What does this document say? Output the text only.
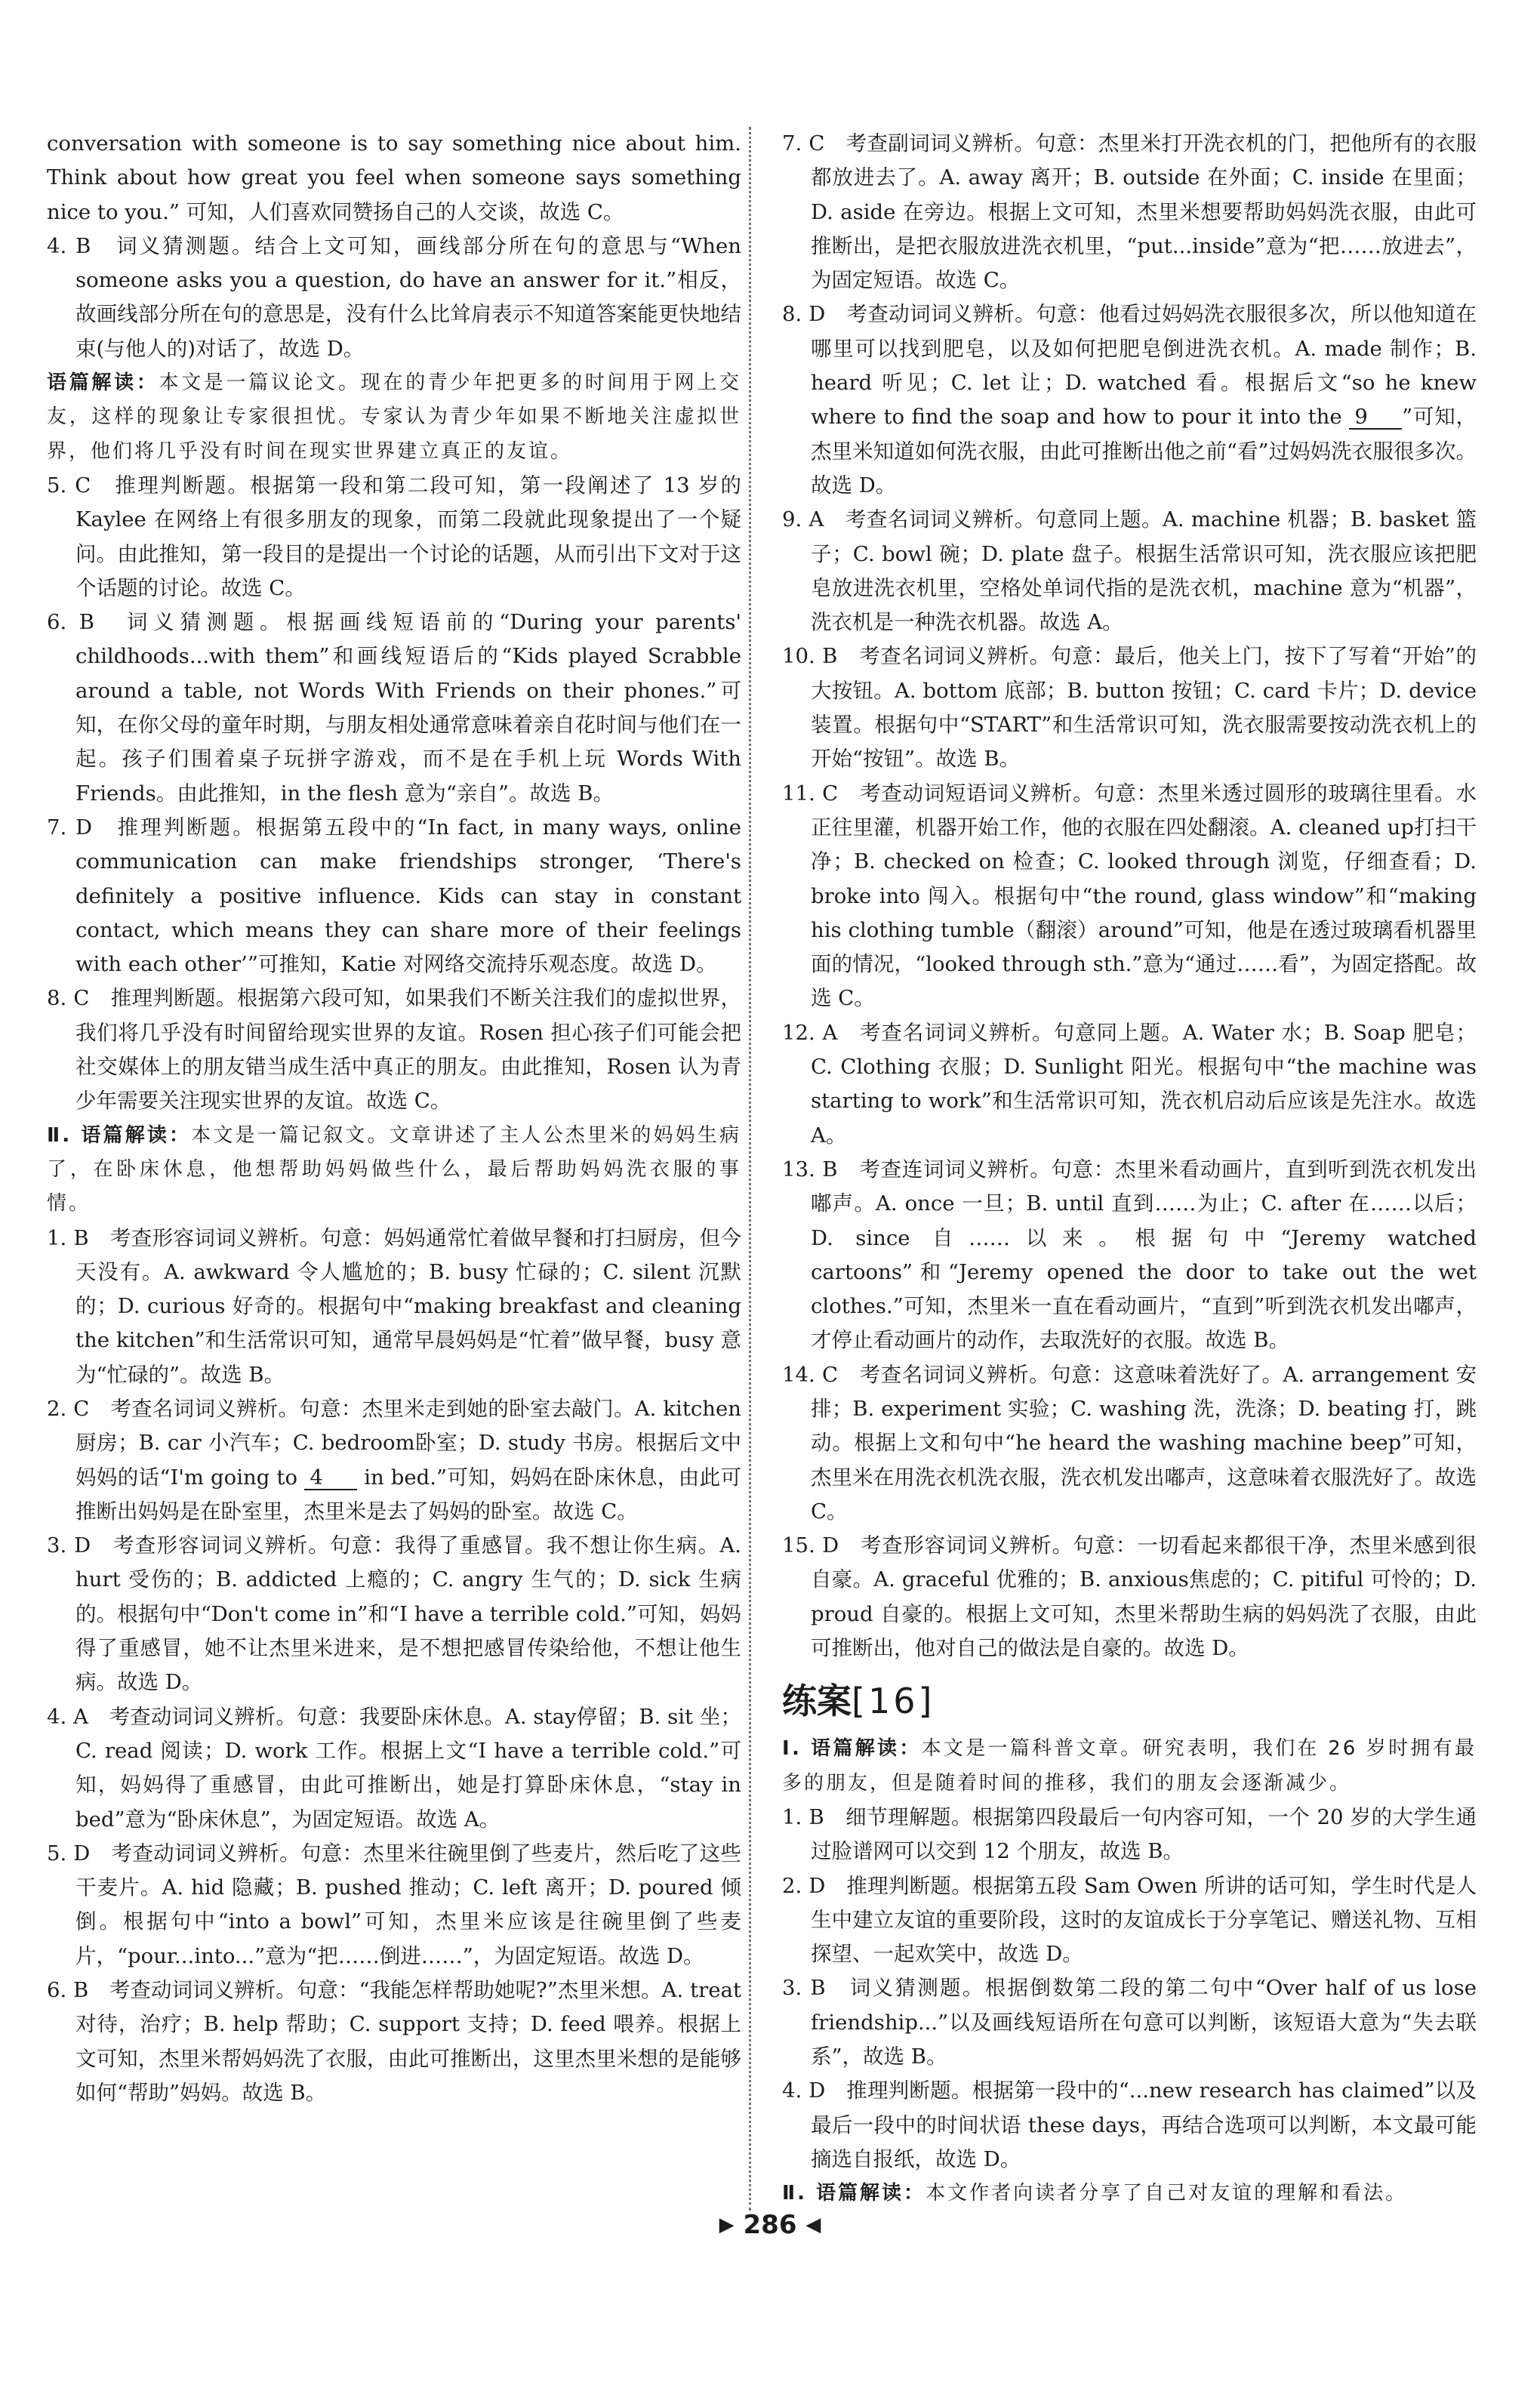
conversation with someone is to say something nice about him. Think about how great you feel when someone says something nice to you.” 可知，人们喜欢同赞扬自己的人交谈，故选 C。

4. B　词义猜测题。结合上文可知，画线部分所在句的意思与“When someone asks you a question, do have an answer for it.”相反，故画线部分所在句的意思是，没有什么比耸肩表示不知道答案能更快地结束(与他人的)对话了，故选 D。

语篇解读：本文是一篇议论文。现在的青少年把更多的时间用于网上交友，这样的现象让专家很担忧。专家认为青少年如果不断地关注虚拟世界，他们将几乎没有时间在现实世界建立真正的友谊。

5. C　推理判断题。根据第一段和第二段可知，第一段阐述了 13 岁的 Kaylee 在网络上有很多朋友的现象，而第二段就此现象提出了一个疑问。由此推知，第一段目的是提出一个讨论的话题，从而引出下文对于这个话题的讨论。故选 C。

6. B　词义猜测题。根据画线短语前的“During your parents' childhoods...with them”和画线短语后的“Kids played Scrabble around a table, not Words With Friends on their phones.”可知，在你父母的童年时期，与朋友相处通常意味着亲自花时间与他们在一起。孩子们围着桌子玩拼字游戏，而不是在手机上玩 Words With Friends。由此推知，in the flesh 意为“亲自”。故选 B。

7. D　推理判断题。根据第五段中的“In fact, in many ways, online communication can make friendships stronger, ‘There's definitely a positive influence. Kids can stay in constant contact, which means they can share more of their feelings with each other’”可推知，Katie 对网络交流持乐观态度。故选 D。

8. C　推理判断题。根据第六段可知，如果我们不断关注我们的虚拟世界，我们将几乎没有时间留给现实世界的友谊。Rosen 担心孩子们可能会把社交媒体上的朋友错当成生活中真正的朋友。由此推知，Rosen 认为青少年需要关注现实世界的友谊。故选 C。

Ⅱ. 语篇解读：本文是一篇记叙文。文章讲述了主人公杰里米的妈妈生病了，在卧床休息，他想帮助妈妈做些什么，最后帮助妈妈洗衣服的事情。

1. B　考查形容词词义辨析。句意：妈妈通常忙着做早餐和打扫厨房，但今天没有。A. awkward 令人尴尬的；B. busy 忙碌的；C. silent 沉默的；D. curious 好奇的。根据句中“making breakfast and cleaning the kitchen”和生活常识可知，通常早晨妈妈是“忙着”做早餐，busy 意为“忙碌的”。故选 B。

2. C　考查名词词义辨析。句意：杰里米走到她的卧室去敲门。A. kitchen厨房；B. car 小汽车；C. bedroom卧室；D. study 书房。根据后文中妈妈的话“I'm going to 4 in bed.”可知，妈妈在卧床休息，由此可推断出妈妈是在卧室里，杰里米是去了妈妈的卧室。故选 C。

3. D　考查形容词词义辨析。句意：我得了重感冒。我不想让你生病。A. hurt 受伤的；B. addicted 上瘾的；C. angry 生气的；D. sick 生病的。根据句中“Don't come in”和“I have a terrible cold.”可知，妈妈得了重感冒，她不让杰里米进来，是不想把感冒传染给他，不想让他生病。故选 D。

4. A　考查动词词义辨析。句意：我要卧床休息。A. stay停留；B. sit 坐；C. read 阅读；D. work 工作。根据上文“I have a terrible cold.”可知，妈妈得了重感冒，由此可推断出，她是打算卧床休息，“stay in bed”意为“卧床休息”，为固定短语。故选 A。

5. D　考查动词词义辨析。句意：杰里米往碗里倒了些麦片，然后吃了这些干麦片。A. hid 隐藏；B. pushed 推动；C. left 离开；D. poured 倾倒。根据句中“into a bowl”可知，杰里米应该是往碗里倒了些麦片，“pour...into...”意为“把……倒进……”，为固定短语。故选 D。

6. B　考查动词词义辨析。句意：“我能怎样帮助她呢?”杰里米想。A. treat 对待，治疗；B. help 帮助；C. support 支持；D. feed 喂养。根据上文可知，杰里米帮妈妈洗了衣服，由此可推断出，这里杰里米想的是能够如何“帮助”妈妈。故选 B。

7. C　考查副词词义辨析。句意：杰里米打开洗衣机的门，把他所有的衣服都放进去了。A. away 离开；B. outside 在外面；C. inside 在里面；D. aside 在旁边。根据上文可知，杰里米想要帮助妈妈洗衣服，由此可推断出，是把衣服放进洗衣机里，“put...inside”意为“把……放进去”，为固定短语。故选 C。

8. D　考查动词词义辨析。句意：他看过妈妈洗衣服很多次，所以他知道在哪里可以找到肥皂，以及如何把肥皂倒进洗衣机。A. made 制作；B. heard 听见；C. let 让；D. watched 看。根据后文“so he knew where to find the soap and how to pour it into the 9 ”可知，杰里米知道如何洗衣服，由此可推断出他之前“看”过妈妈洗衣服很多次。故选 D。

9. A　考查名词词义辨析。句意同上题。A. machine 机器；B. basket 篮子；C. bowl 碗；D. plate 盘子。根据生活常识可知，洗衣服应该把肥皂放进洗衣机里，空格处单词代指的是洗衣机，machine 意为“机器”，洗衣机是一种洗衣机器。故选 A。

10. B　考查名词词义辨析。句意：最后，他关上门，按下了写着“开始”的大按钮。A. bottom 底部；B. button 按钮；C. card 卡片；D. device 装置。根据句中“START”和生活常识可知，洗衣服需要按动洗衣机上的开始“按钮”。故选 B。

11. C　考查动词短语词义辨析。句意：杰里米透过圆形的玻璃往里看。水正往里灌，机器开始工作，他的衣服在四处翻滚。A. cleaned up打扫干净；B. checked on 检查；C. looked through 浏览，仔细查看；D. broke into 闯入。根据句中“the round, glass window”和“making his clothing tumble（翻滚）around”可知，他是在透过玻璃看机器里面的情况，“looked through sth.”意为“通过……看”，为固定搭配。故选 C。

12. A　考查名词词义辨析。句意同上题。A. Water 水；B. Soap 肥皂；C. Clothing 衣服；D. Sunlight 阳光。根据句中“the machine was starting to work”和生活常识可知，洗衣机启动后应该是先注水。故选 A。

13. B　考查连词词义辨析。句意：杰里米看动画片，直到听到洗衣机发出嘟声。A. once 一旦；B. until 直到……为止；C. after 在……以后；D. since 自……以来。根据句中“Jeremy watched cartoons”和“Jeremy opened the door to take out the wet clothes.”可知，杰里米一直在看动画片，“直到”听到洗衣机发出嘟声，才停止看动画片的动作，去取洗好的衣服。故选 B。

14. C　考查名词词义辨析。句意：这意味着洗好了。A. arrangement 安排；B. experiment 实验；C. washing 洗，洗涤；D. beating 打，跳动。根据上文和句中“he heard the washing machine beep”可知，杰里米在用洗衣机洗衣服，洗衣机发出嘟声，这意味着衣服洗好了。故选 C。

15. D　考查形容词词义辨析。句意：一切看起来都很干净，杰里米感到很自豪。A. graceful 优雅的；B. anxious焦虑的；C. pitiful 可怜的；D. proud 自豪的。根据上文可知，杰里米帮助生病的妈妈洗了衣服，由此可推断出，他对自己的做法是自豪的。故选 D。

练案[16]

Ⅰ. 语篇解读：本文是一篇科普文章。研究表明，我们在 26 岁时拥有最多的朋友，但是随着时间的推移，我们的朋友会逐渐减少。

1. B　细节理解题。根据第四段最后一句内容可知，一个 20 岁的大学生通过脸谱网可以交到 12 个朋友，故选 B。

2. D　推理判断题。根据第五段 Sam Owen 所讲的话可知，学生时代是人生中建立友谊的重要阶段，这时的友谊成长于分享笔记、赠送礼物、互相探望、一起欢笑中，故选 D。

3. B　词义猜测题。根据倒数第二段的第二句中“Over half of us lose friendship...”以及画线短语所在句意可以判断，该短语大意为“失去联系”，故选 B。

4. D　推理判断题。根据第一段中的“...new research has claimed”以及最后一段中的时间状语 these days，再结合选项可以判断，本文最可能摘选自报纸，故选 D。

Ⅱ. 语篇解读：本文作者向读者分享了自己对友谊的理解和看法。

▶ 286 ◀
